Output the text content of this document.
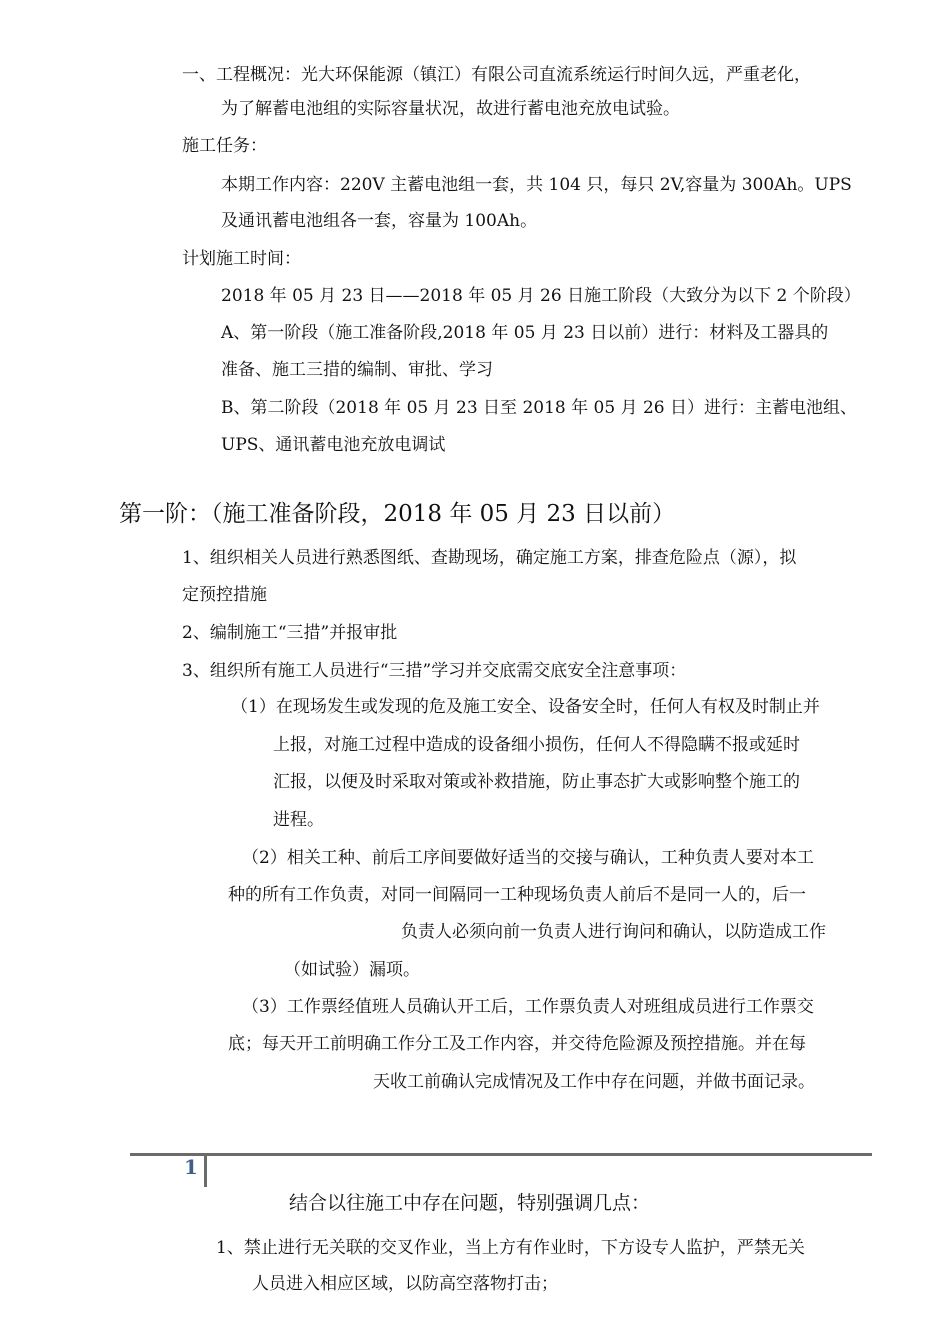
一、工程概况：光大环保能源（镇江）有限公司直流系统运行时间久远，严重老化，
为了解蓄电池组的实际容量状况，故进行蓄电池充放电试验。
施工任务：
本期工作内容：220V 主蓄电池组一套，共 104 只，每只 2V,容量为 300Ah。UPS
及通讯蓄电池组各一套，容量为 100Ah。
计划施工时间：
2018 年 05 月 23 日——2018 年 05 月 26 日施工阶段（大致分为以下 2 个阶段）
A、第一阶段（施工准备阶段,2018 年 05 月 23 日以前）进行：材料及工器具的
准备、施工三措的编制、审批、学习
B、第二阶段（2018 年 05 月 23 日至 2018 年 05 月 26 日）进行：主蓄电池组、
UPS、通讯蓄电池充放电调试
第一阶：（施工准备阶段，2018 年 05 月 23 日以前）
1、组织相关人员进行熟悉图纸、查勘现场，确定施工方案，排查危险点（源），拟
定预控措施
2、编制施工“三措”并报审批
3、组织所有施工人员进行“三措”学习并交底需交底安全注意事项：
（1）在现场发生或发现的危及施工安全、设备安全时，任何人有权及时制止并
上报，对施工过程中造成的设备细小损伤，任何人不得隐瞒不报或延时
汇报，以便及时采取对策或补救措施，防止事态扩大或影响整个施工的
进程。
（2）相关工种、前后工序间要做好适当的交接与确认，工种负责人要对本工
种的所有工作负责，对同一间隔同一工种现场负责人前后不是同一人的，后一
负责人必须向前一负责人进行询问和确认，以防造成工作
（如试验）漏项。
（3）工作票经值班人员确认开工后，工作票负责人对班组成员进行工作票交
底；每天开工前明确工作分工及工作内容，并交待危险源及预控措施。并在每
天收工前确认完成情况及工作中存在问题，并做书面记录。
1
结合以往施工中存在问题，特别强调几点：
1、禁止进行无关联的交叉作业，当上方有作业时，下方设专人监护，严禁无关
人员进入相应区域，以防高空落物打击；
